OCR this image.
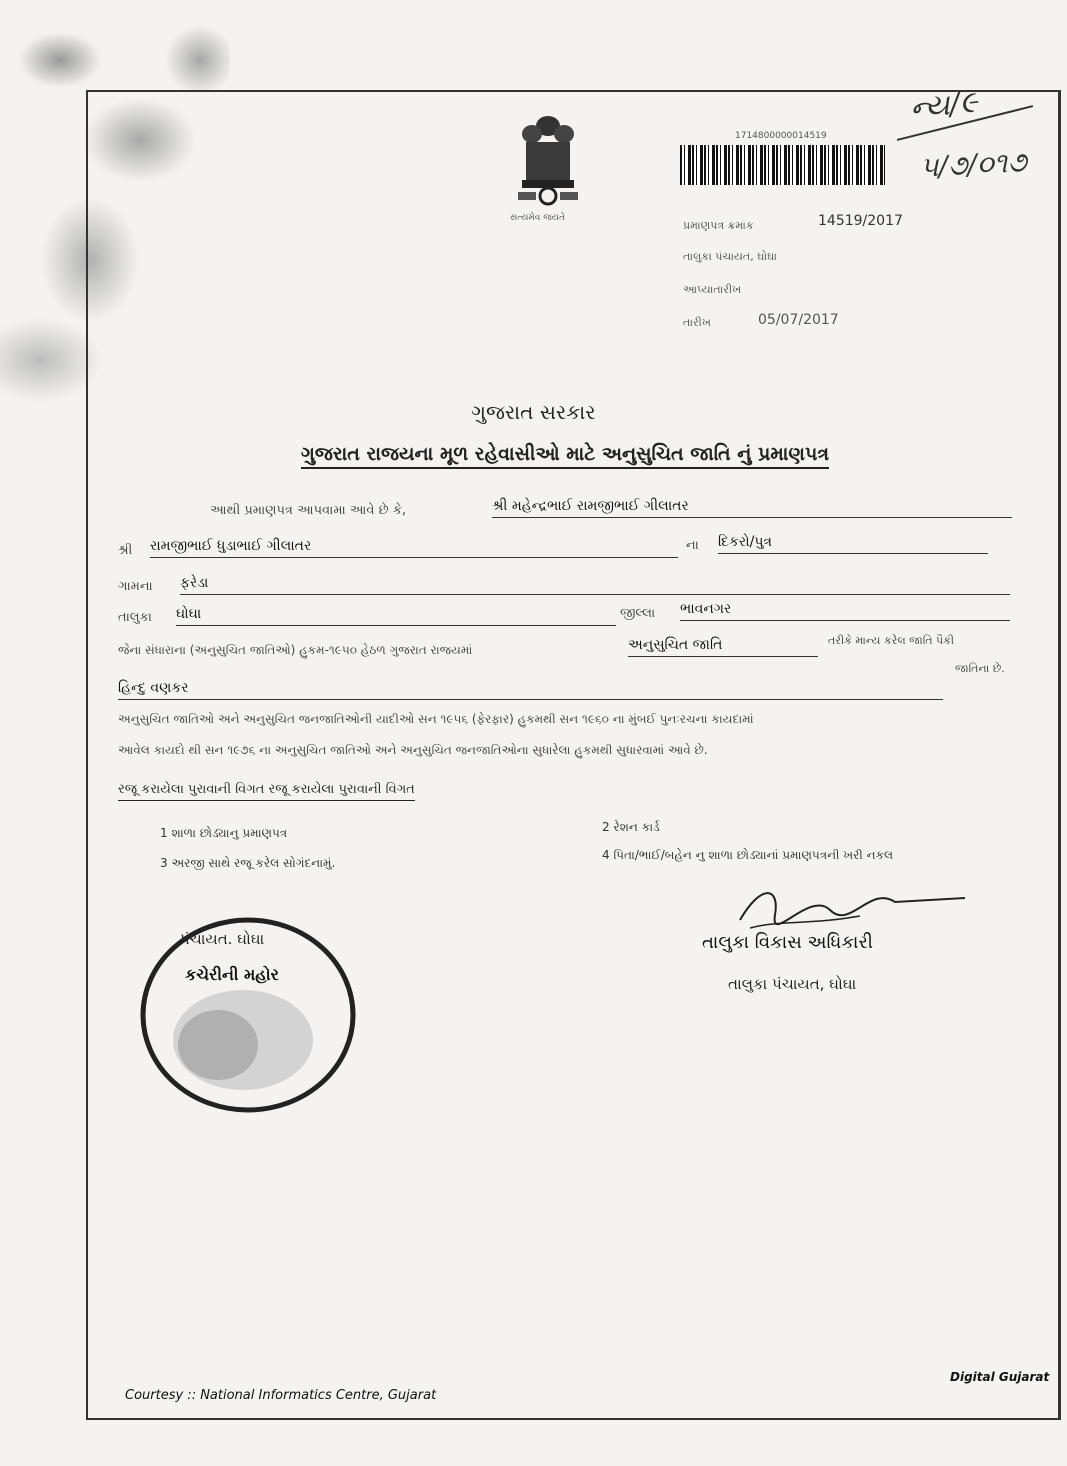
સત્યમેવ જયતે
1714800000014519
ન્ય/૯
૫/૭/૦૧૭
પ્રમાણપત્ર ક્રમાંક	14519/2017
તાલુકા પંચાયત, ઘોઘા
આપ્યાતારીખ
તારીખ	05/07/2017
ગુજરાત સરકાર
ગુજરાત રાજયના મૂળ રહેવાસીઓ માટે અનુસુચિત જાતિ નું પ્રમાણપત્ર
આથી પ્રમાણપત્ર આપવામા આવે છે કે,	શ્રી મહેન્દ્રભાઈ રામજીભાઈ ગીલાતર
શ્રી રામજીભાઈ ધુડાભાઈ ગીલાતર	ના દિકરો/પુત્ર
ગામના ફરેડા
તાલુકા ઘોઘા	જીલ્લા ભાવનગર
જેના સંધારાના (અનુસુચિત જાતિઓ) હુકમ-૧૯૫૦ હેઠળ ગુજરાત રાજયમાં	અનુસુચિત જાતિ	તરીકે માન્ય કરેલ જાતિ પૈકી
જાતિના છે.
હિન્દુ વણકર
અનુસુચિત જાતિઓ અને અનુસુચિત જનજાતિઓની યાદીઓ સન ૧૯૫૬ (ફેરફાર) હુકમથી સન ૧૯૬૦ ના મુંબઈ પુનઃરચના કાયદામાં
આવેલ કાયદો થી સન ૧૯૭૬ ના અનુસુચિત જાતિઓ અને અનુસુચિત જનજાતિઓના સુધારેલા હુકમથી સુધારવામાં આવે છે.
રજૂ કરાયેલા પુરાવાની વિગત રજૂ કરાયેલા પુરાવાની વિગત
1 શાળા છોડ્યાનુ પ્રમાણપત્ર	2 રેશન કાર્ડ
3 અરજી સાથે રજૂ કરેલ સોગંદનામું.
4 પિતા/ભાઈ/બહેન નુ શાળા છોડ્યાનાં પ્રમાણપત્રની ખરી નકલ
પંચાયત. ઘોઘા
કચેરીની મહોર
તાલુકા વિકાસ અધિકારી
તાલુકા પંચાયત, ઘોઘા
Courtesy :: National Informatics Centre, Gujarat
Digital Gujarat
